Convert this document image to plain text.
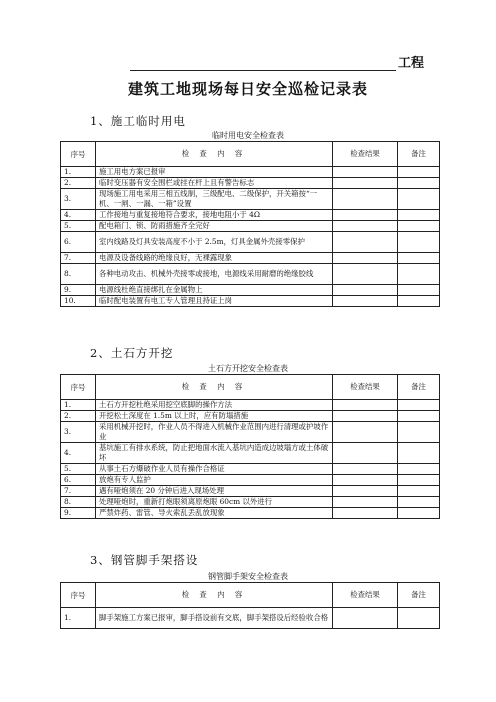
工程
建筑工地现场每日安全巡检记录表
1、施工临时用电
临时用电安全检查表
序号	检 查 内 容	检查结果	备注
1.	施工用电方案已报审		
2.	临时变压器有安全围栏或挂在杆上且有警告标志		
3.	现场施工用电采用三相五线制，三级配电、二级保护，开关箱按“一机、一闸、一漏、一箱”设置		
4.	工作接地与重复接地符合要求，接地电阻小于 4Ω		
5.	配电箱门、锁、防雨措施齐全完好		
6.	室内线路及灯具安装高度不小于 2.5m，灯具金属外壳接零保护		
7.	电源及设备线路的绝缘良好，无裸露现象		
8.	各种电动攻击、机械外壳接零或接地，电源线采用耐磨的绝缘胶线		
9.	电源线杜绝直接绑扎在金属物上		
10.	临时配电装置有电工专人管理且持证上岗		
2、土石方开挖
土石方开挖安全检查表
序号	检 查 内 容	检查结果	备注
1.	土石方开挖杜绝采用挖空底脚的操作方法		
2.	开挖松土深度在 1.5m 以上时，应有防塌措施		
3.	采用机械开挖时，作业人员不得进入机械作业范围内进行清理或护坡作业		
4.	基坑施工有排水系统，防止把地面水流入基坑内造成边坡塌方或土体破坏		
5.	从事土石方爆破作业人员有操作合格证		
6.	放炮有专人监护		
7.	遇有哑炮须在 20 分钟后进入现场处理		
8.	处理哑炮时，重新打炮眼须离原炮眼 60cm 以外进行		
9.	严禁炸药、雷管、导火索乱丢乱放现象		
3、钢管脚手架搭设
钢管脚手架安全检查表
序号	检 查 内 容	检查结果	备注
1.	脚手架施工方案已报审，脚手搭设前有交底，脚手架搭设后经验收合格		
